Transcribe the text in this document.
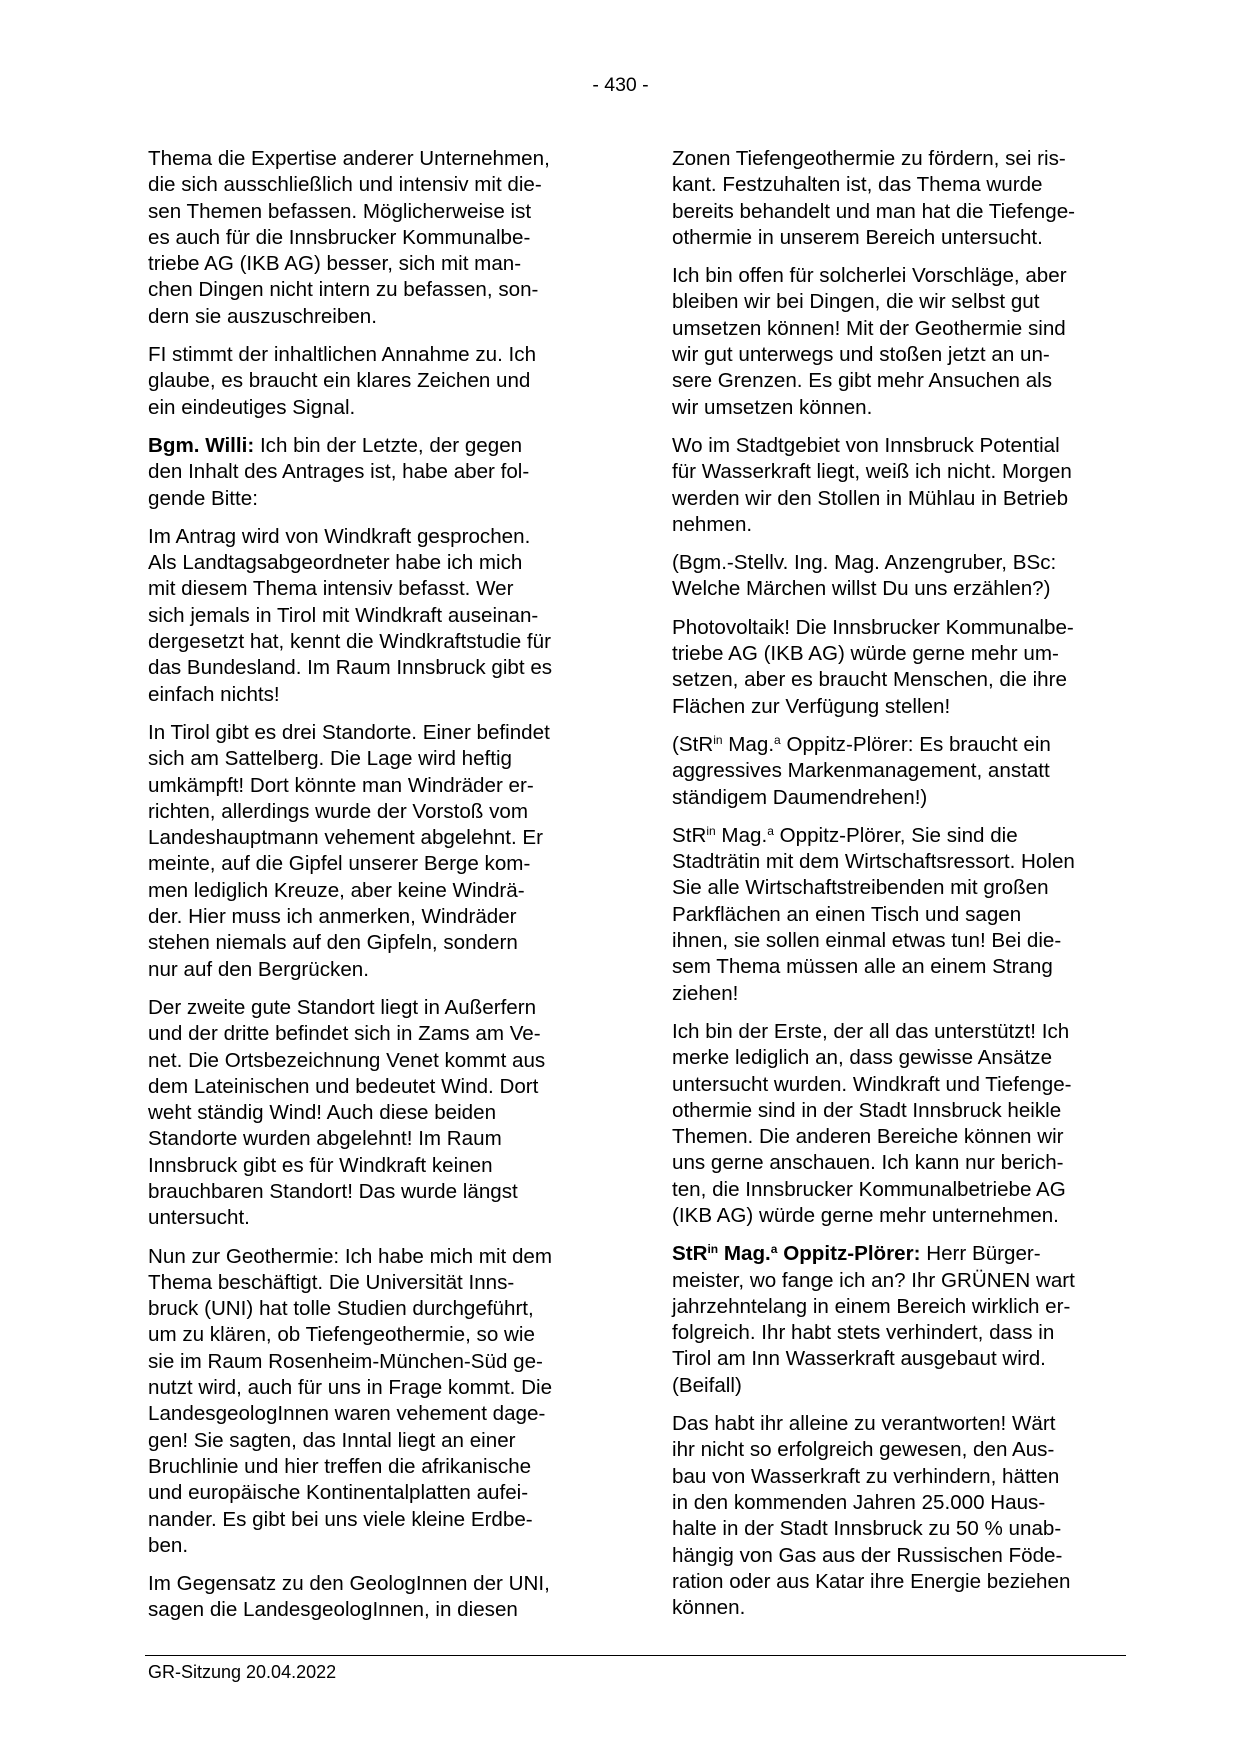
- 430 -

Thema die Expertise anderer Unternehmen,
die sich ausschließlich und intensiv mit die-
sen Themen befassen. Möglicherweise ist
es auch für die Innsbrucker Kommunalbe-
triebe AG (IKB AG) besser, sich mit man-
chen Dingen nicht intern zu befassen, son-
dern sie auszuschreiben.

FI stimmt der inhaltlichen Annahme zu. Ich
glaube, es braucht ein klares Zeichen und
ein eindeutiges Signal.

Bgm. Willi: Ich bin der Letzte, der gegen
den Inhalt des Antrages ist, habe aber fol-
gende Bitte:

Im Antrag wird von Windkraft gesprochen.
Als Landtagsabgeordneter habe ich mich
mit diesem Thema intensiv befasst. Wer
sich jemals in Tirol mit Windkraft auseinan-
dergesetzt hat, kennt die Windkraftstudie für
das Bundesland. Im Raum Innsbruck gibt es
einfach nichts!

In Tirol gibt es drei Standorte. Einer befindet
sich am Sattelberg. Die Lage wird heftig
umkämpft! Dort könnte man Windräder er-
richten, allerdings wurde der Vorstoß vom
Landeshauptmann vehement abgelehnt. Er
meinte, auf die Gipfel unserer Berge kom-
men lediglich Kreuze, aber keine Windrä-
der. Hier muss ich anmerken, Windräder
stehen niemals auf den Gipfeln, sondern
nur auf den Bergrücken.

Der zweite gute Standort liegt in Außerfern
und der dritte befindet sich in Zams am Ve-
net. Die Ortsbezeichnung Venet kommt aus
dem Lateinischen und bedeutet Wind. Dort
weht ständig Wind! Auch diese beiden
Standorte wurden abgelehnt! Im Raum
Innsbruck gibt es für Windkraft keinen
brauchbaren Standort! Das wurde längst
untersucht.

Nun zur Geothermie: Ich habe mich mit dem
Thema beschäftigt. Die Universität Inns-
bruck (UNI) hat tolle Studien durchgeführt,
um zu klären, ob Tiefengeothermie, so wie
sie im Raum Rosenheim-München-Süd ge-
nutzt wird, auch für uns in Frage kommt. Die
LandesgeologInnen waren vehement dage-
gen! Sie sagten, das Inntal liegt an einer
Bruchlinie und hier treffen die afrikanische
und europäische Kontinentalplatten aufei-
nander. Es gibt bei uns viele kleine Erdbe-
ben.

Im Gegensatz zu den GeologInnen der UNI,
sagen die LandesgeologInnen, in diesen

Zonen Tiefengeothermie zu fördern, sei ris-
kant. Festzuhalten ist, das Thema wurde
bereits behandelt und man hat die Tiefenge-
othermie in unserem Bereich untersucht.

Ich bin offen für solcherlei Vorschläge, aber
bleiben wir bei Dingen, die wir selbst gut
umsetzen können! Mit der Geothermie sind
wir gut unterwegs und stoßen jetzt an un-
sere Grenzen. Es gibt mehr Ansuchen als
wir umsetzen können.

Wo im Stadtgebiet von Innsbruck Potential
für Wasserkraft liegt, weiß ich nicht. Morgen
werden wir den Stollen in Mühlau in Betrieb
nehmen.

(Bgm.-Stellv. Ing. Mag. Anzengruber, BSc:
Welche Märchen willst Du uns erzählen?)

Photovoltaik! Die Innsbrucker Kommunalbe-
triebe AG (IKB AG) würde gerne mehr um-
setzen, aber es braucht Menschen, die ihre
Flächen zur Verfügung stellen!

(StR$^{in}$ Mag.$^a$ Oppitz-Plörer: Es braucht ein
aggressives Markenmanagement, anstatt
ständigem Daumendrehen!)

StR$^{in}$ Mag.$^a$ Oppitz-Plörer, Sie sind die
Stadträtin mit dem Wirtschaftsressort. Holen
Sie alle Wirtschaftstreibenden mit großen
Parkflächen an einen Tisch und sagen
ihnen, sie sollen einmal etwas tun! Bei die-
sem Thema müssen alle an einem Strang
ziehen!

Ich bin der Erste, der all das unterstützt! Ich
merke lediglich an, dass gewisse Ansätze
untersucht wurden. Windkraft und Tiefenge-
othermie sind in der Stadt Innsbruck heikle
Themen. Die anderen Bereiche können wir
uns gerne anschauen. Ich kann nur berich-
ten, die Innsbrucker Kommunalbetriebe AG
(IKB AG) würde gerne mehr unternehmen.

StR$^{in}$ Mag.$^a$ Oppitz-Plörer: Herr Bürger-
meister, wo fange ich an? Ihr GRÜNEN wart
jahrzehntelang in einem Bereich wirklich er-
folgreich. Ihr habt stets verhindert, dass in
Tirol am Inn Wasserkraft ausgebaut wird.
(Beifall)

Das habt ihr alleine zu verantworten! Wärt
ihr nicht so erfolgreich gewesen, den Aus-
bau von Wasserkraft zu verhindern, hätten
in den kommenden Jahren 25.000 Haus-
halte in der Stadt Innsbruck zu 50 % unab-
hängig von Gas aus der Russischen Föde-
ration oder aus Katar ihre Energie beziehen
können.

GR-Sitzung 20.04.2022
